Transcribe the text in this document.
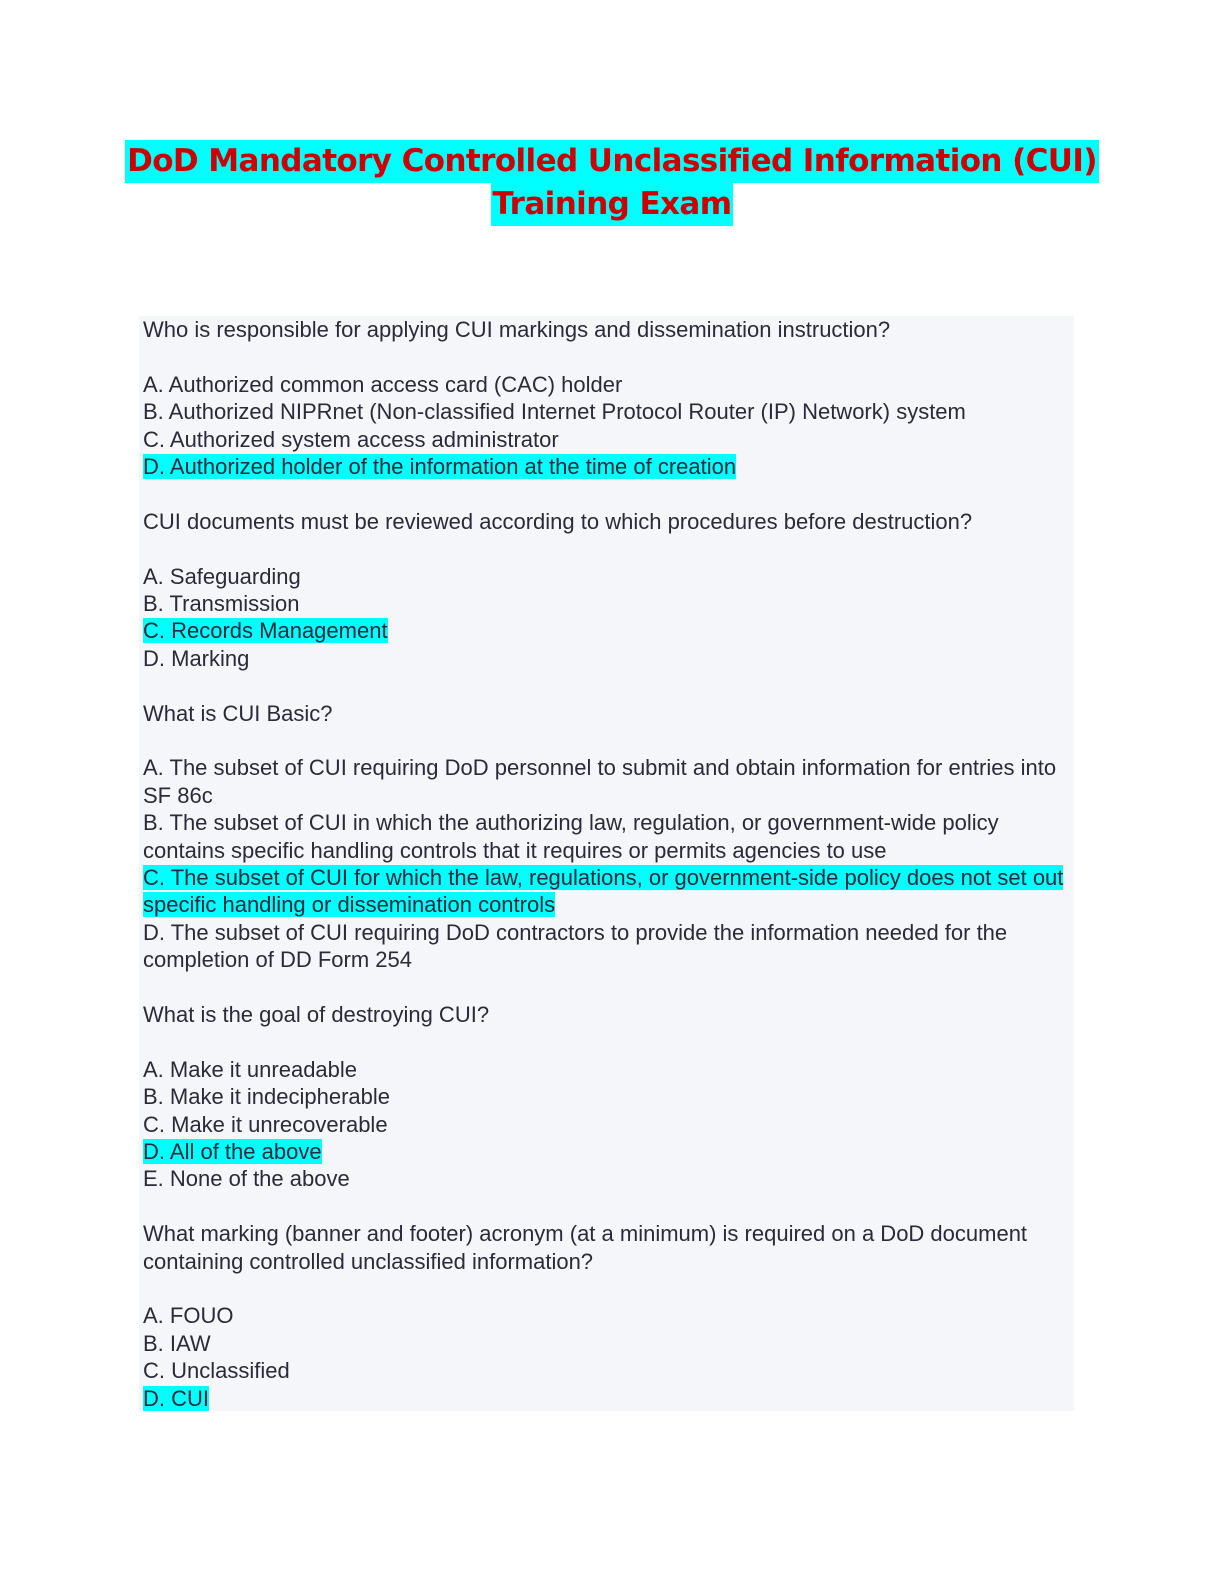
DoD Mandatory Controlled Unclassified Information (CUI)
Training Exam

Who is responsible for applying CUI markings and dissemination instruction?

A. Authorized common access card (CAC) holder
B. Authorized NIPRnet (Non-classified Internet Protocol Router (IP) Network) system
C. Authorized system access administrator
D. Authorized holder of the information at the time of creation

CUI documents must be reviewed according to which procedures before destruction?

A. Safeguarding
B. Transmission
C. Records Management
D. Marking

What is CUI Basic?

A. The subset of CUI requiring DoD personnel to submit and obtain information for entries into SF 86c
B. The subset of CUI in which the authorizing law, regulation, or government-wide policy contains specific handling controls that it requires or permits agencies to use
C. The subset of CUI for which the law, regulations, or government-side policy does not set out specific handling or dissemination controls
D. The subset of CUI requiring DoD contractors to provide the information needed for the completion of DD Form 254

What is the goal of destroying CUI?

A. Make it unreadable
B. Make it indecipherable
C. Make it unrecoverable
D. All of the above
E. None of the above

What marking (banner and footer) acronym (at a minimum) is required on a DoD document containing controlled unclassified information?

A. FOUO
B. IAW
C. Unclassified
D. CUI
